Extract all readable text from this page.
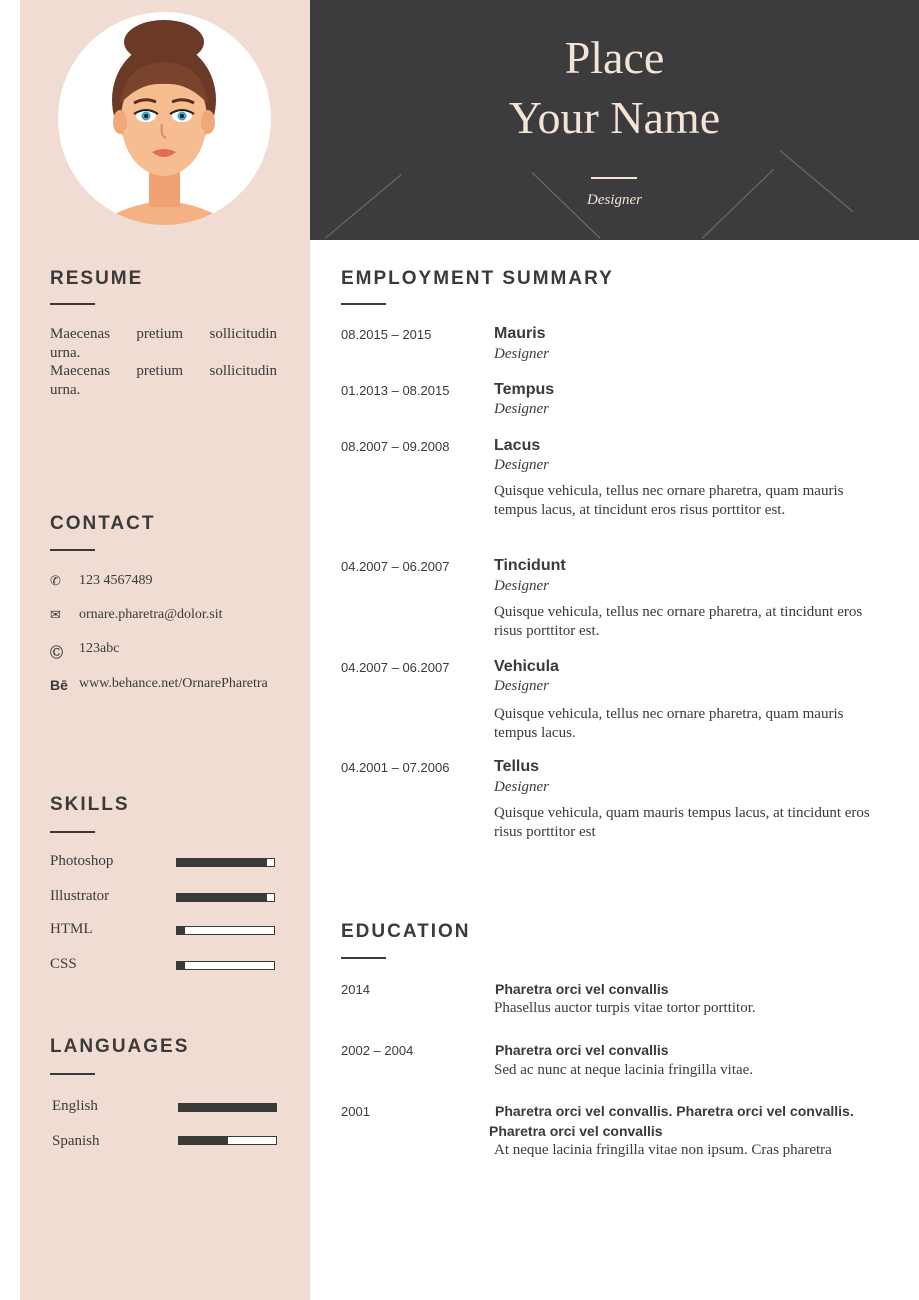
Place
Your Name
Designer
RESUME
Maecenas pretium sollicitudin
urna.
Maecenas pretium sollicitudin
urna.
CONTACT
✆	123 4567489
✉	ornare.pharetra@dolor.sit
Ⓒ	123abc
Bē www.behance.net/OrnarePharetra
SKILLS
Photoshop
Illustrator
HTML
CSS
LANGUAGES
English
Spanish
EMPLOYMENT SUMMARY
08.2015 – 2015	Mauris
Designer
01.2013 – 08.2015	Tempus
Designer
08.2007 – 09.2008	Lacus
Designer
Quisque vehicula, tellus nec ornare pharetra, quam mauris tempus lacus, at tincidunt eros risus porttitor est.
04.2007 – 06.2007	Tincidunt
Designer
Quisque vehicula, tellus nec ornare pharetra, at tincidunt eros risus porttitor est.
04.2007 – 06.2007	Vehicula
Designer
Quisque vehicula, tellus nec ornare pharetra, quam mauris tempus lacus.
04.2001 – 07.2006	Tellus
Designer
Quisque vehicula, quam mauris tempus lacus, at tincidunt eros risus porttitor est
EDUCATION
2014	Pharetra orci vel convallis
Phasellus auctor turpis vitae tortor porttitor.
2002 – 2004	Pharetra orci vel convallis
Sed ac nunc at neque lacinia fringilla vitae.
2001	Pharetra orci vel convallis. Pharetra orci vel convallis.
Pharetra orci vel convallis
At neque lacinia fringilla vitae non ipsum. Cras pharetra
